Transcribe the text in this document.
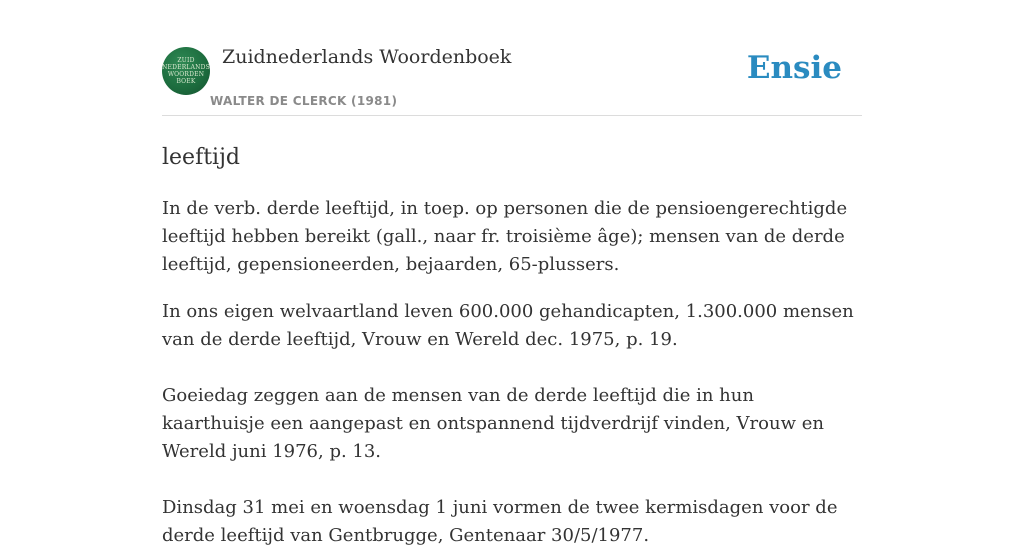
ZUID
NEDERLANDS
WOORDEN
BOEK
Zuidnederlands Woordenboek
WALTER DE CLERCK (1981)
Ensie
leeftijd

In de verb. derde leeftijd, in toep. op personen die de pensioengerechtigde leeftijd hebben bereikt (gall., naar fr. troisième âge); mensen van de derde leeftijd, gepensioneerden, bejaarden, 65-plussers.

In ons eigen welvaartland leven 600.000 gehandicapten, 1.300.000 mensen van de derde leeftijd, Vrouw en Wereld dec. 1975, p. 19.

Goeiedag zeggen aan de mensen van de derde leeftijd die in hun kaarthuisje een aangepast en ontspannend tijdverdrijf vinden, Vrouw en Wereld juni 1976, p. 13.

Dinsdag 31 mei en woensdag 1 juni vormen de twee kermisdagen voor de derde leeftijd van Gentbrugge, Gentenaar 30/5/1977.
